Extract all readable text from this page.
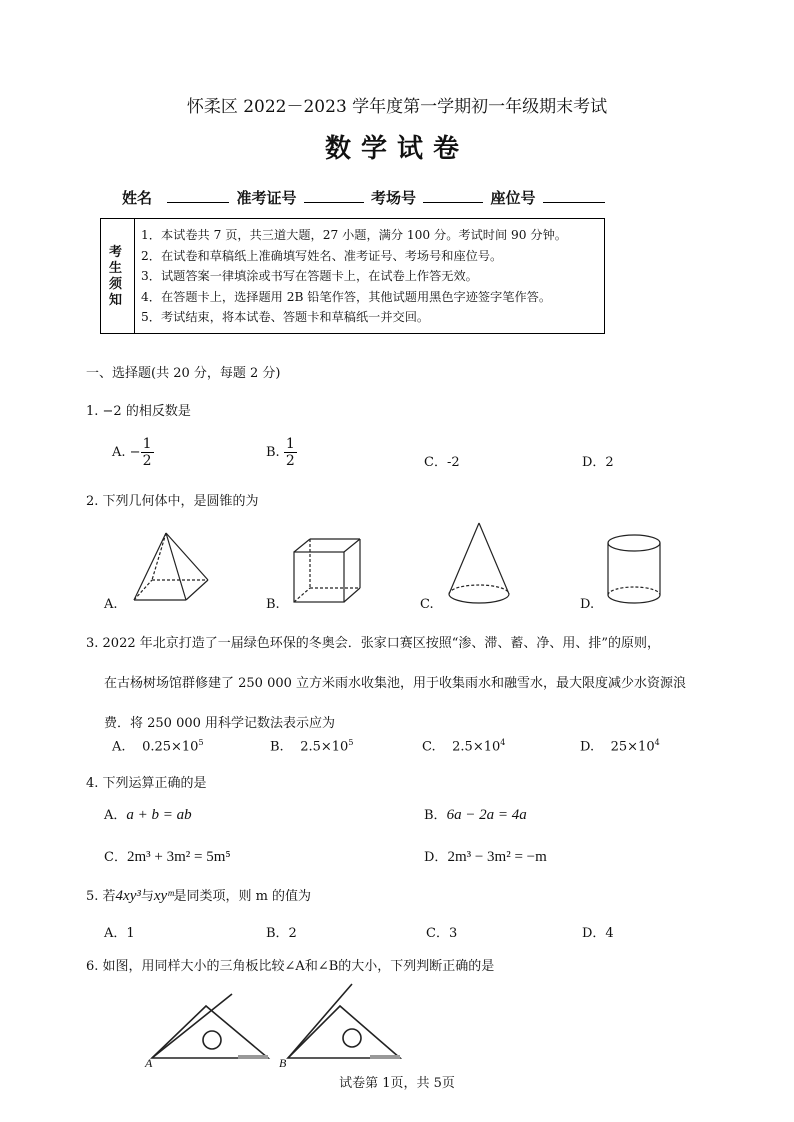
怀柔区 2022－2023 学年度第一学期初一年级期末考试
数学试卷
姓名	准考证号	考场号	座位号
考生须知
1．本试卷共 7 页，共三道大题，27 小题，满分 100 分。考试时间 90 分钟。
2．在试卷和草稿纸上准确填写姓名、准考证号、考场号和座位号。
3．试题答案一律填涂或书写在答题卡上，在试卷上作答无效。
4．在答题卡上，选择题用 2B 铅笔作答，其他试题用黑色字迹签字笔作答。
5．考试结束，将本试卷、答题卡和草稿纸一并交回。
一、选择题(共 20 分，每题 2 分)
1. −2 的相反数是
A. − $\frac{1}{2}$	B. $\frac{1}{2}$	C．-2	D．2
2. 下列几何体中，是圆锥的为
A.	B.	C.	D.
3. 2022 年北京打造了一届绿色环保的冬奥会．张家口赛区按照“渗、滞、蓄、净、用、排”的原则，
在古杨树场馆群修建了 250 000 立方米雨水收集池，用于收集雨水和融雪水，最大限度减少水资源浪
费．将 250 000 用科学记数法表示应为
A. $0.25\times 10^5$	B. $2.5\times 10^5$	C. $2.5\times 10^4$	D. $25\times 10^4$
4. 下列运算正确的是
A．a + b = ab	B．6a − 2a = 4a
C．2m³ + 3m² = 5m⁵	D．2m³ − 3m² = −m
5. 若4xy³与xyᵐ是同类项，则 m 的值为
A．1	B．2	C．3	D．4
6. 如图，用同样大小的三角板比较∠A和∠B的大小，下列判断正确的是
A	B
试卷第 1页，共 5页
